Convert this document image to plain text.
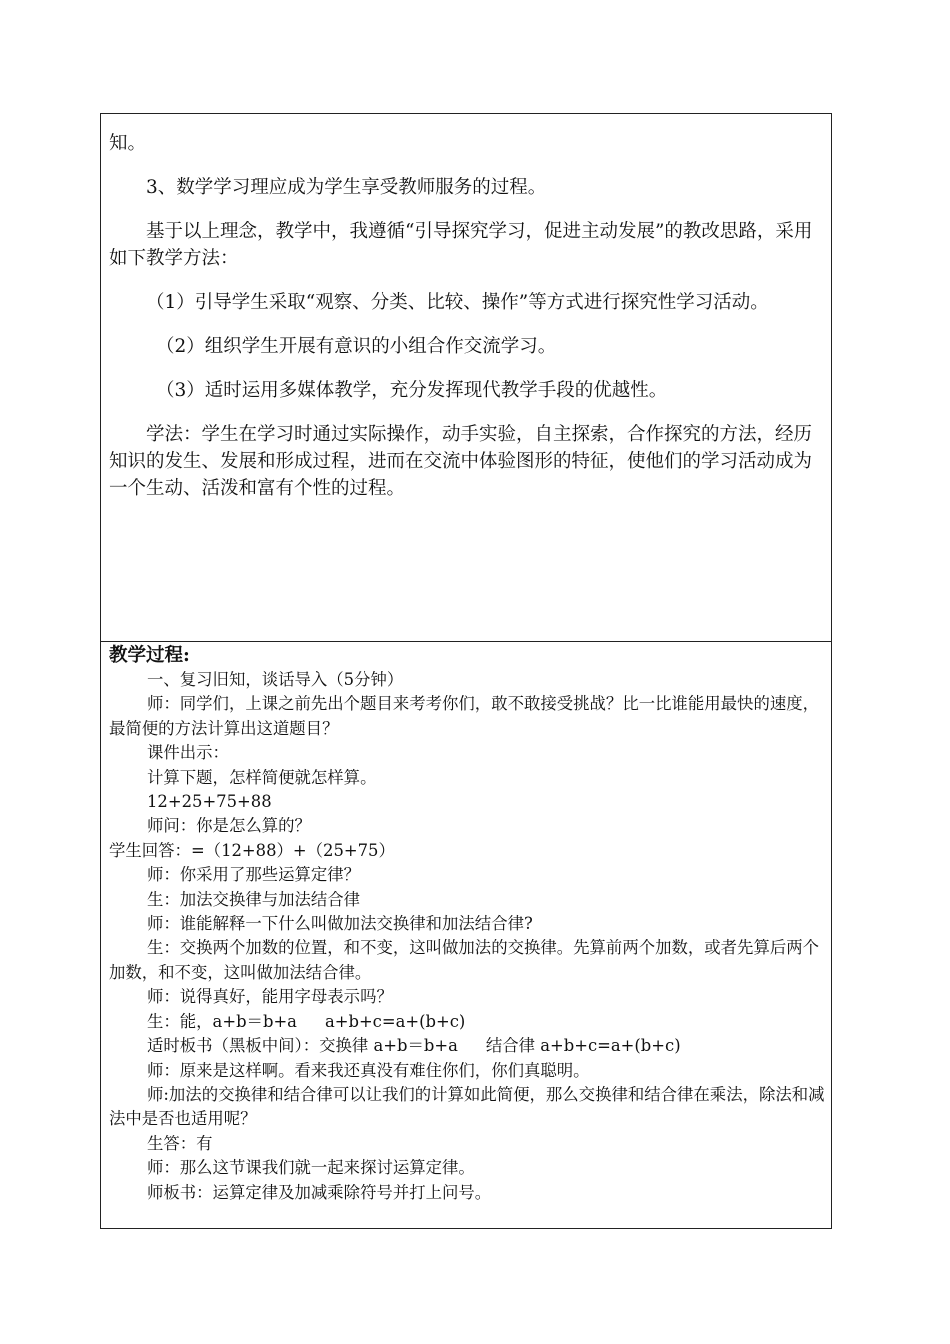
知。

3、数学学习理应成为学生享受教师服务的过程。

基于以上理念，教学中，我遵循“引导探究学习，促进主动发展”的教改思路，采用如下教学方法：

（1）引导学生采取“观察、分类、比较、操作”等方式进行探究性学习活动。

（2）组织学生开展有意识的小组合作交流学习。

（3）适时运用多媒体教学，充分发挥现代教学手段的优越性。

学法：学生在学习时通过实际操作，动手实验，自主探索，合作探究的方法，经历知识的发生、发展和形成过程，进而在交流中体验图形的特征，使他们的学习活动成为一个生动、活泼和富有个性的过程。

教学过程:

一、复习旧知，谈话导入（5分钟）

师：同学们，上课之前先出个题目来考考你们，敢不敢接受挑战？比一比谁能用最快的速度，最简便的方法计算出这道题目？

课件出示：

计算下题，怎样简便就怎样算。

12+25+75+88

师问：你是怎么算的？

学生回答：=（12+88）+（25+75）

师：你采用了那些运算定律？

生：加法交换律与加法结合律

师：谁能解释一下什么叫做加法交换律和加法结合律?

生：交换两个加数的位置，和不变，这叫做加法的交换律。先算前两个加数，或者先算后两个加数，和不变，这叫做加法结合律。

师：说得真好，能用字母表示吗？

生：能，a+b＝b+a a+b+c=a+(b+c)

适时板书（黑板中间）：交换律 a+b＝b+a 结合律 a+b+c=a+(b+c)

师：原来是这样啊。看来我还真没有难住你们，你们真聪明。

师:加法的交换律和结合律可以让我们的计算如此简便，那么交换律和结合律在乘法，除法和减法中是否也适用呢？

生答：有

师：那么这节课我们就一起来探讨运算定律。

师板书：运算定律及加减乘除符号并打上问号。
